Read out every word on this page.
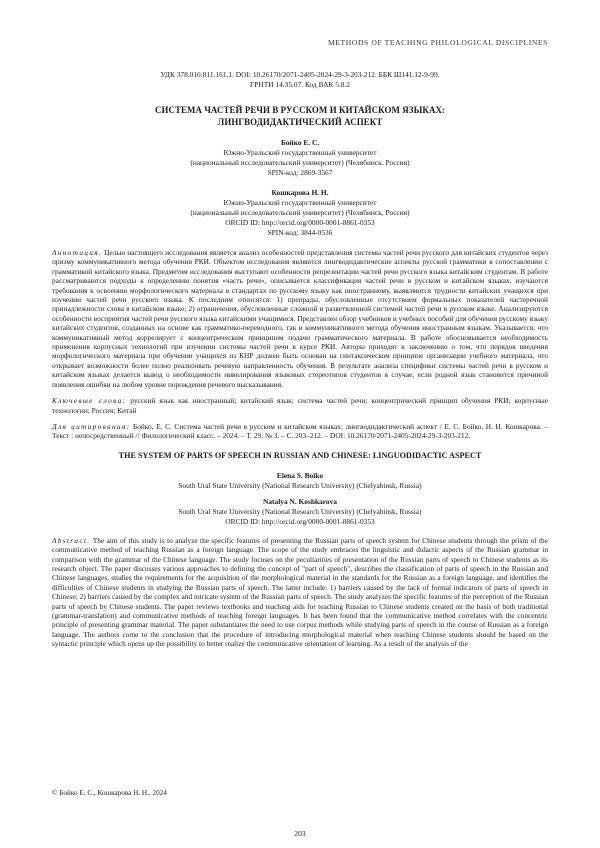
METHODS OF TEACHING PHILOLOGICAL DISCIPLINES
УДК 378.016:811.161.1. DOI: 10.26170/2071-2405-2024-29-3-203-212. ББК Ш141.12-9-99.
ГРНТИ 14.35.07. Код ВАК 5.8.2
СИСТЕМА ЧАСТЕЙ РЕЧИ В РУССКОМ И КИТАЙСКОМ ЯЗЫКАХ:
ЛИНГВОДИДАКТИЧЕСКИЙ АСПЕКТ
Бойко Е. С.
Южно-Уральский государственный университет
(национальный исследовательский университет) (Челябинск, Россия)
SPIN-код: 2869-3567
Кошкарова Н. Н.
Южно-Уральский государственный университет
(национальный исследовательский университет) (Челябинск, Россия)
ORCID ID: http://orcid.org/0000-0001-8861-0353
SPIN-код: 3844-0536

Аннотация. Целью настоящего исследования является анализ особенностей представления системы частей речи русского для китайских студентов через призму коммуникативного метода обучения РКИ. Объектом исследования являются лингводидактические аспекты русской грамматики в сопоставлении с грамматикой китайского языка. Предметом исследования выступают особенности репрезентации частей речи русского языка китайским студентам. В работе рассматриваются подходы к определению понятия «часть речи», описывается классификация частей речи в русском и китайском языках, изучаются требования к освоению морфологического материала в стандартах по русскому языку как иностранному, выявляются трудности китайских учащихся при изучении частей речи русского языка. К последним относятся: 1) препрады, обусловленные отсутствием формальных показателей частеречной принадлежности слова в китайском языке; 2) ограничения, обусловленные сложной и разветвленной системой частей речи в русском языке. Анализируются особенности восприятия частей речи русского языка китайскими учащимися. Представлен обзор учебников и учебных пособий для обучения русскому языку китайских студентов, созданных на основе как грамматико-переводного, так и коммуникативного метода обучения иностранным языкам. Указывается, что коммуникативный метод коррелирует с концентрическим принципом подачи грамматического материала. В работе обосновывается необходимость применения корпусных технологий при изучении системы частей речи в курсе РКИ. Авторы приходят к заключению о том, что порядок введения морфологического материала при обучении учащихся из КНР должен быть основан на синтаксическом принципе организации учебного материала, что открывает возможности более полно реализовать речевую направленность обучения. В результате анализа специфики системы частей речи в русском и китайском языках делается вывод о необходимости нивелирования языковых стереотипов студентов в случае, если родной язык становится причиной появления ошибки на любом уровне порождения речевого высказывания.

Ключевые слова: русский язык как иностранный; китайский язык; система частей речи; концентрический принцип обучения РКИ; корпусные технологии; Россия; Китай

Для цитирования: Бойко, Е. С. Система частей речи в русском и китайском языках: лингводидактический аспект / Е. С. Бойко, Н. Н. Кошкарова. – Текст : непосредственный // Филологический класс. – 2024. – Т. 29, № 3. – С. 203–212. – DOI: 10.26170/2071-2405-2024-29-3-203-212.

THE SYSTEM OF PARTS OF SPEECH IN RUSSIAN AND CHINESE: LINGUODIDACTIC ASPECT
Elena S. Boiko
South Ural State University (National Research University) (Chelyabinsk, Russia)
Natalya N. Koshkarova
South Ural State University (National Research University) (Chelyabinsk, Russia)
ORCID ID: http://orcid.org/0000-0001-8861-0353

Abstract. The aim of this study is to analyze the specific features of presenting the Russian parts of speech system for Chinese students through the prism of the communicative method of teaching Russian as a foreign language. The scope of the study embraces the linguistic and didactic aspects of the Russian grammar in comparison with the grammar of the Chinese language. The study focuses on the peculiarities of presentation of the Russian parts of speech to Chinese students as its research object. The paper discusses various approaches to defining the concept of "part of speech", describes the classification of parts of speech in the Russian and Chinese languages, studies the requirements for the acquisition of the morphological material in the standards for the Russian as a foreign language, and identifies the difficulties of Chinese students in studying the Russian parts of speech. The latter include: 1) barriers caused by the lack of formal indicators of parts of speech in Chinese; 2) barriers caused by the complex and intricate system of the Russian parts of speech. The study analyzes the specific features of the perception of the Russian parts of speech by Chinese students. The paper reviews textbooks and teaching aids for teaching Russian to Chinese students created on the basis of both traditional (grammar-translation) and communicative methods of teaching foreign languages. It has been found that the communicative method correlates with the concentric principle of presenting grammar material. The paper substantiates the need to use corpus methods while studying parts of speech in the course of Russian as a foreign language. The authors come to the conclusion that the procedure of introducing morphological material when teaching Chinese students should be based on the syntactic principle which opens up the possibility to better realize the communicative orientation of learning. As a result of the analysis of the

© Бойко Е. С., Кошкарова Н. Н., 2024
203
